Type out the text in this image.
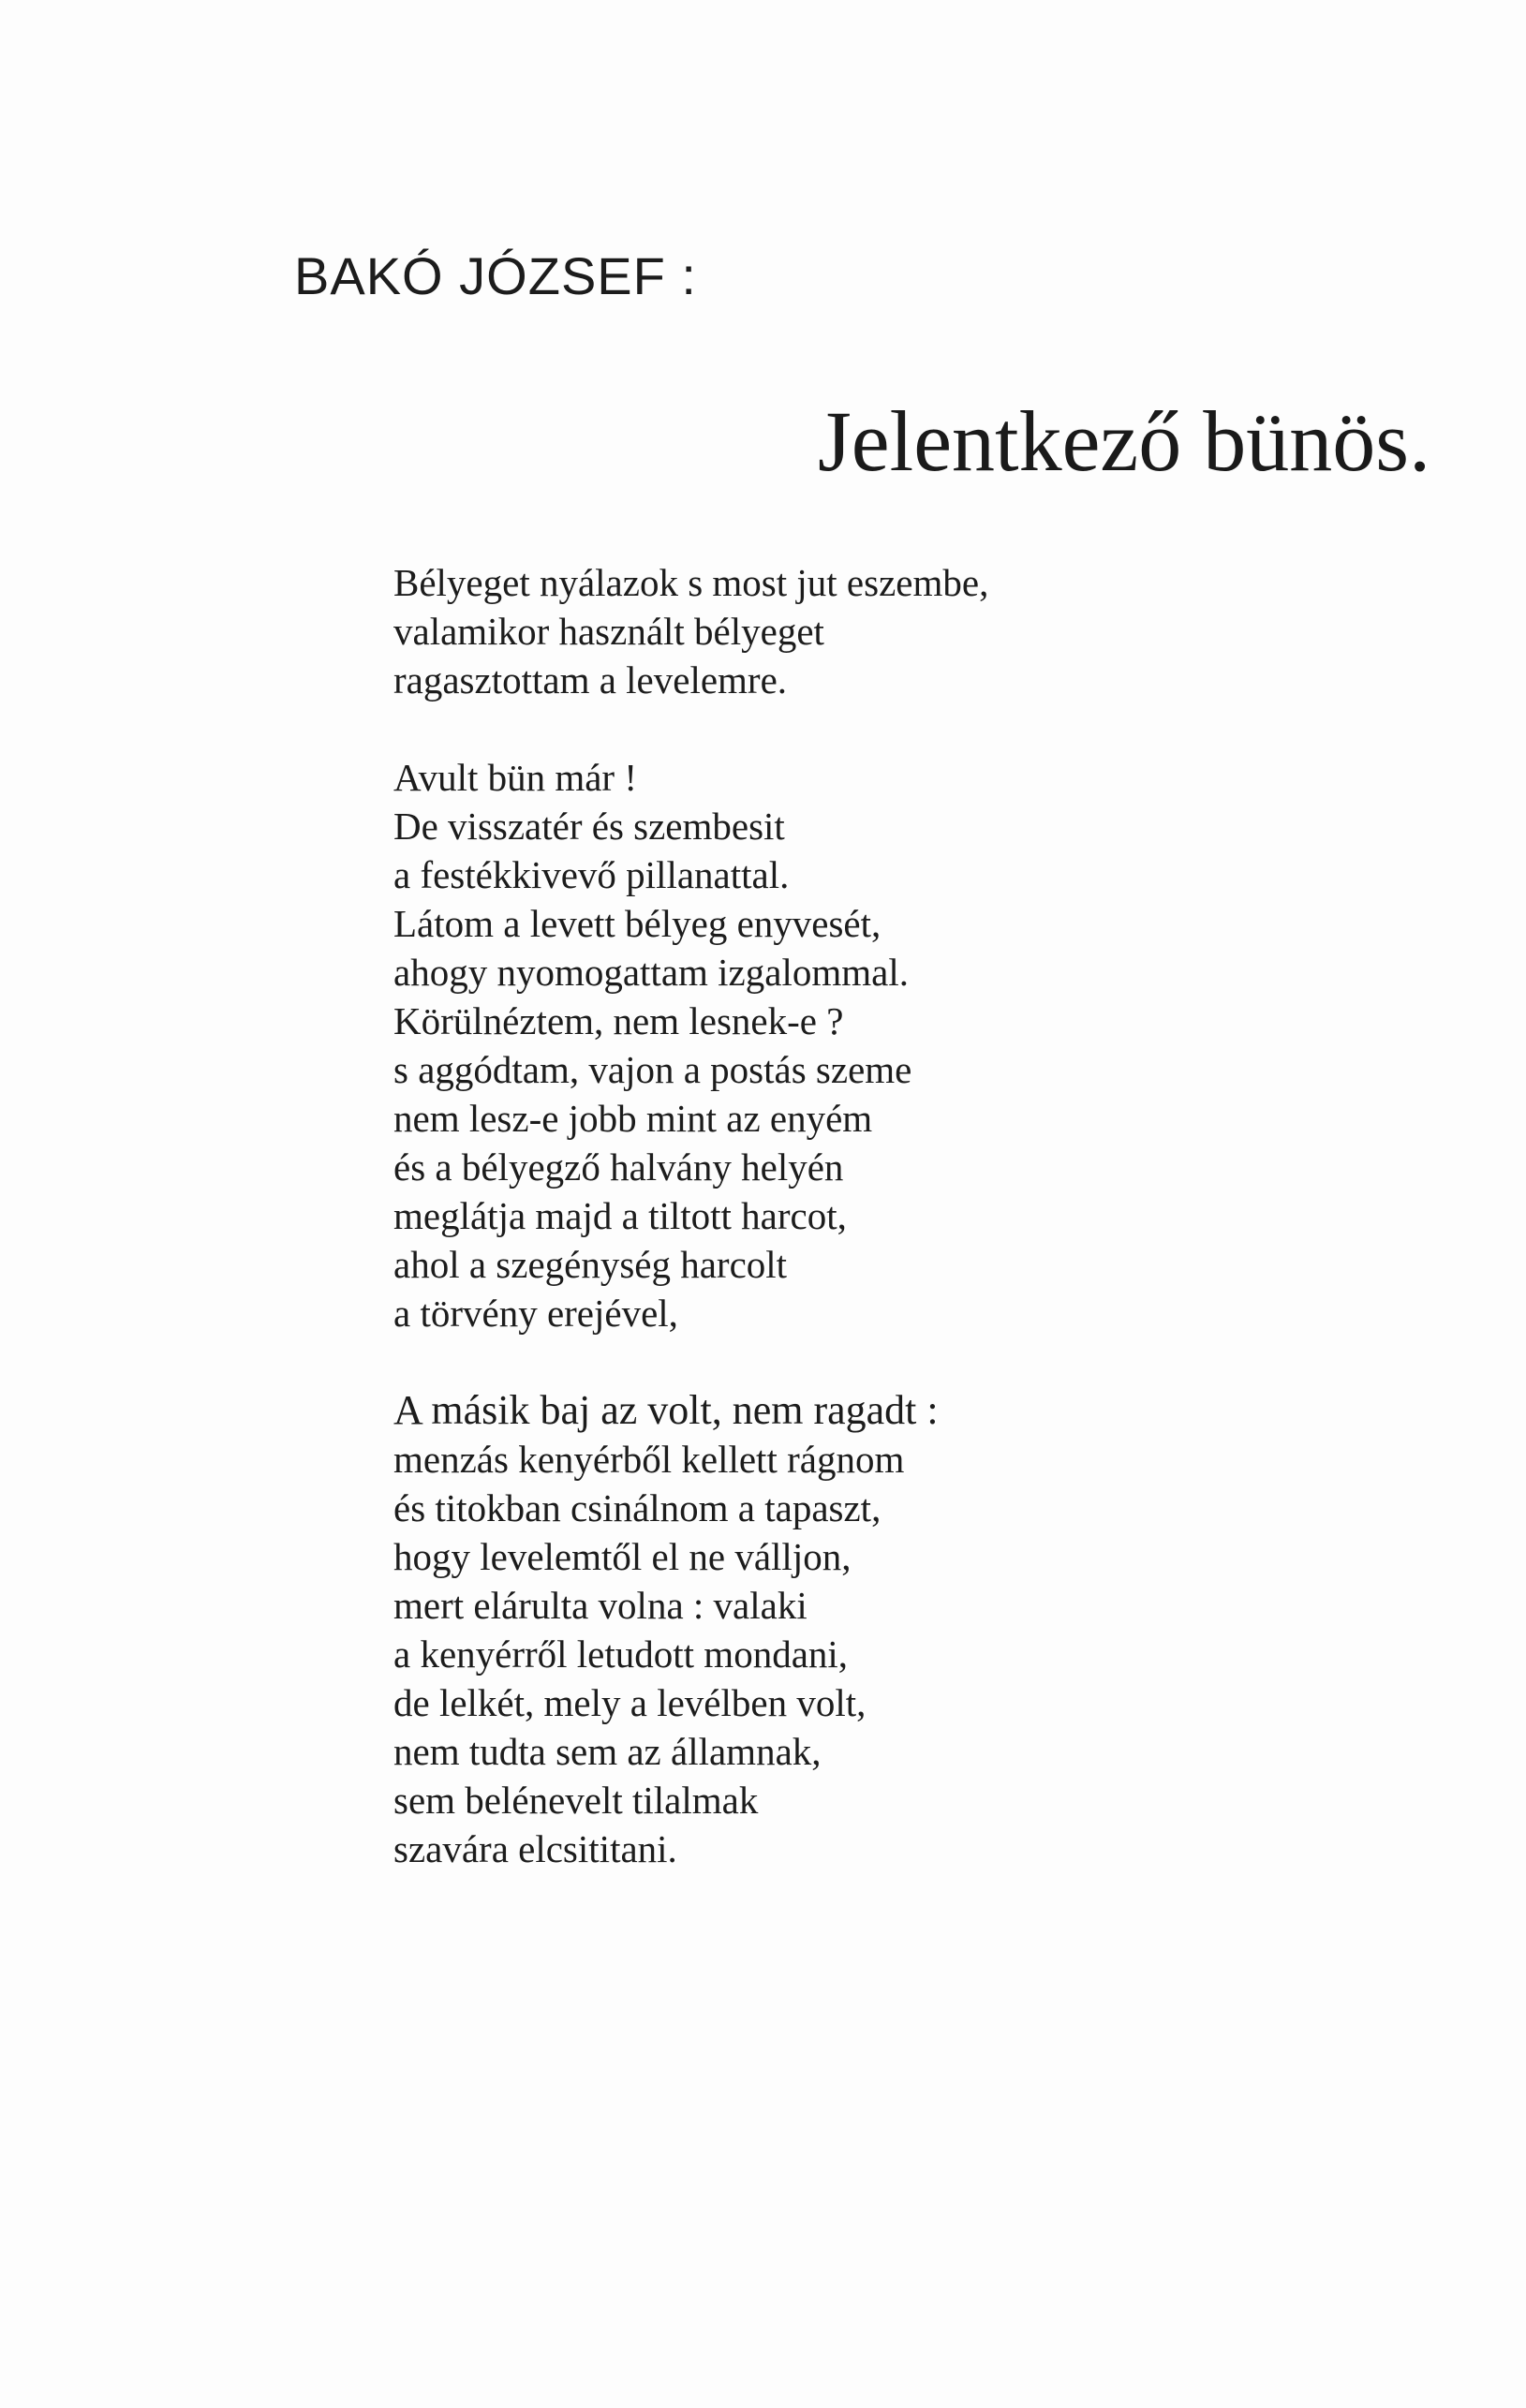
BAKÓ JÓZSEF :
Jelentkező bünös.
Bélyeget nyálazok s most jut eszembe,
valamikor használt bélyeget
ragasztottam a levelemre.
Avult bün már !
De visszatér és szembesit
a festékkivevő pillanattal.
Látom a levett bélyeg enyvesét,
ahogy nyomogattam izgalommal.
Körülnéztem, nem lesnek-e ?
s aggódtam, vajon a postás szeme
nem lesz-e jobb mint az enyém
és a bélyegző halvány helyén
meglátja majd a tiltott harcot,
ahol a szegénység harcolt
a törvény erejével,
A másik baj az volt, nem ragadt :
menzás kenyérből kellett rágnom
és titokban csinálnom a tapaszt,
hogy levelemtől el ne válljon,
mert elárulta volna : valaki
a kenyérről letudott mondani,
de lelkét, mely a levélben volt,
nem tudta sem az államnak,
sem belénevelt tilalmak
szavára elcsititani.
